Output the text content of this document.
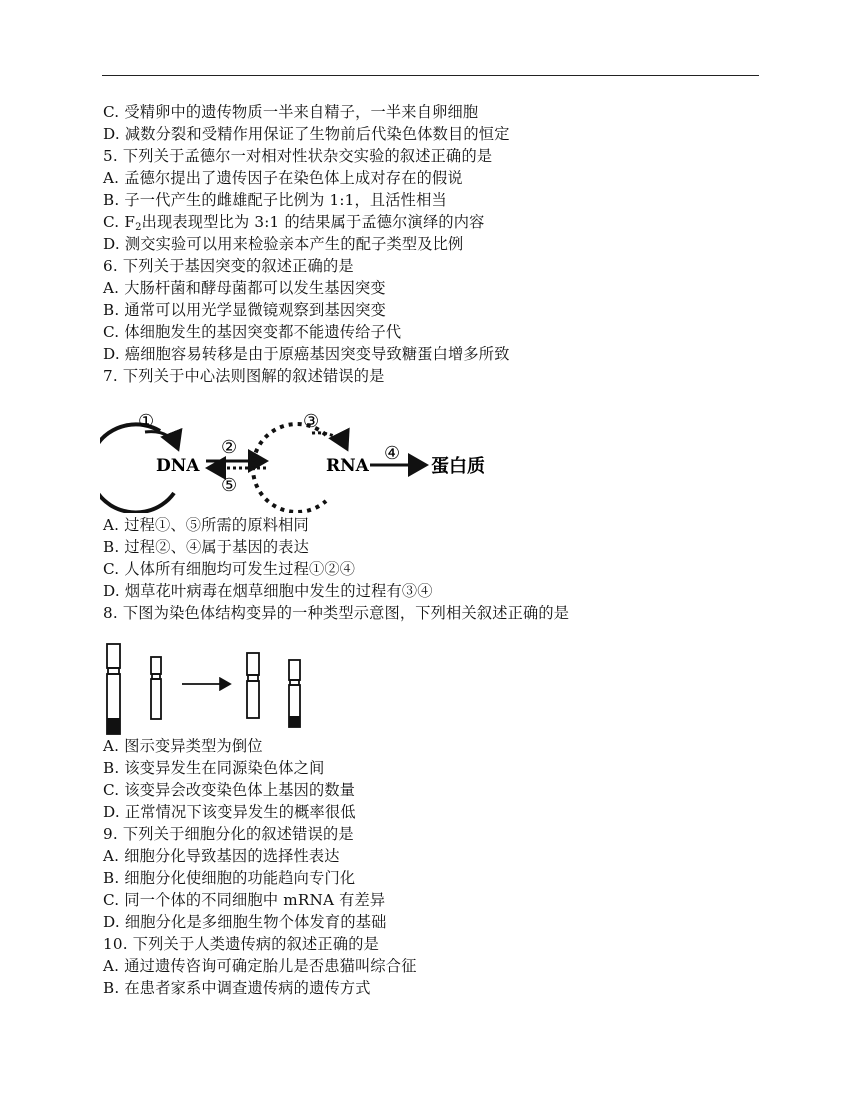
C. 受精卵中的遗传物质一半来自精子，一半来自卵细胞
D. 减数分裂和受精作用保证了生物前后代染色体数目的恒定
5. 下列关于孟德尔一对相对性状杂交实验的叙述正确的是
A. 孟德尔提出了遗传因子在染色体上成对存在的假说
B. 子一代产生的雌雄配子比例为 1:1，且活性相当
C. $F_2$出现表现型比为 3:1 的结果属于孟德尔演绎的内容
D. 测交实验可以用来检验亲本产生的配子类型及比例
6. 下列关于基因突变的叙述正确的是
A. 大肠杆菌和酵母菌都可以发生基因突变
B. 通常可以用光学显微镜观察到基因突变
C. 体细胞发生的基因突变都不能遗传给子代
D. 癌细胞容易转移是由于原癌基因突变导致糖蛋白增多所致
7. 下列关于中心法则图解的叙述错误的是
DNA	RNA	蛋白质
①
②
③
④
⑤
A. 过程①、⑤所需的原料相同
B. 过程②、④属于基因的表达
C. 人体所有细胞均可发生过程①②④
D. 烟草花叶病毒在烟草细胞中发生的过程有③④
8. 下图为染色体结构变异的一种类型示意图，下列相关叙述正确的是
A. 图示变异类型为倒位
B. 该变异发生在同源染色体之间
C. 该变异会改变染色体上基因的数量
D. 正常情况下该变异发生的概率很低
9. 下列关于细胞分化的叙述错误的是
A. 细胞分化导致基因的选择性表达
B. 细胞分化使细胞的功能趋向专门化
C. 同一个体的不同细胞中 mRNA 有差异
D. 细胞分化是多细胞生物个体发育的基础
10. 下列关于人类遗传病的叙述正确的是
A. 通过遗传咨询可确定胎儿是否患猫叫综合征
B. 在患者家系中调查遗传病的遗传方式
